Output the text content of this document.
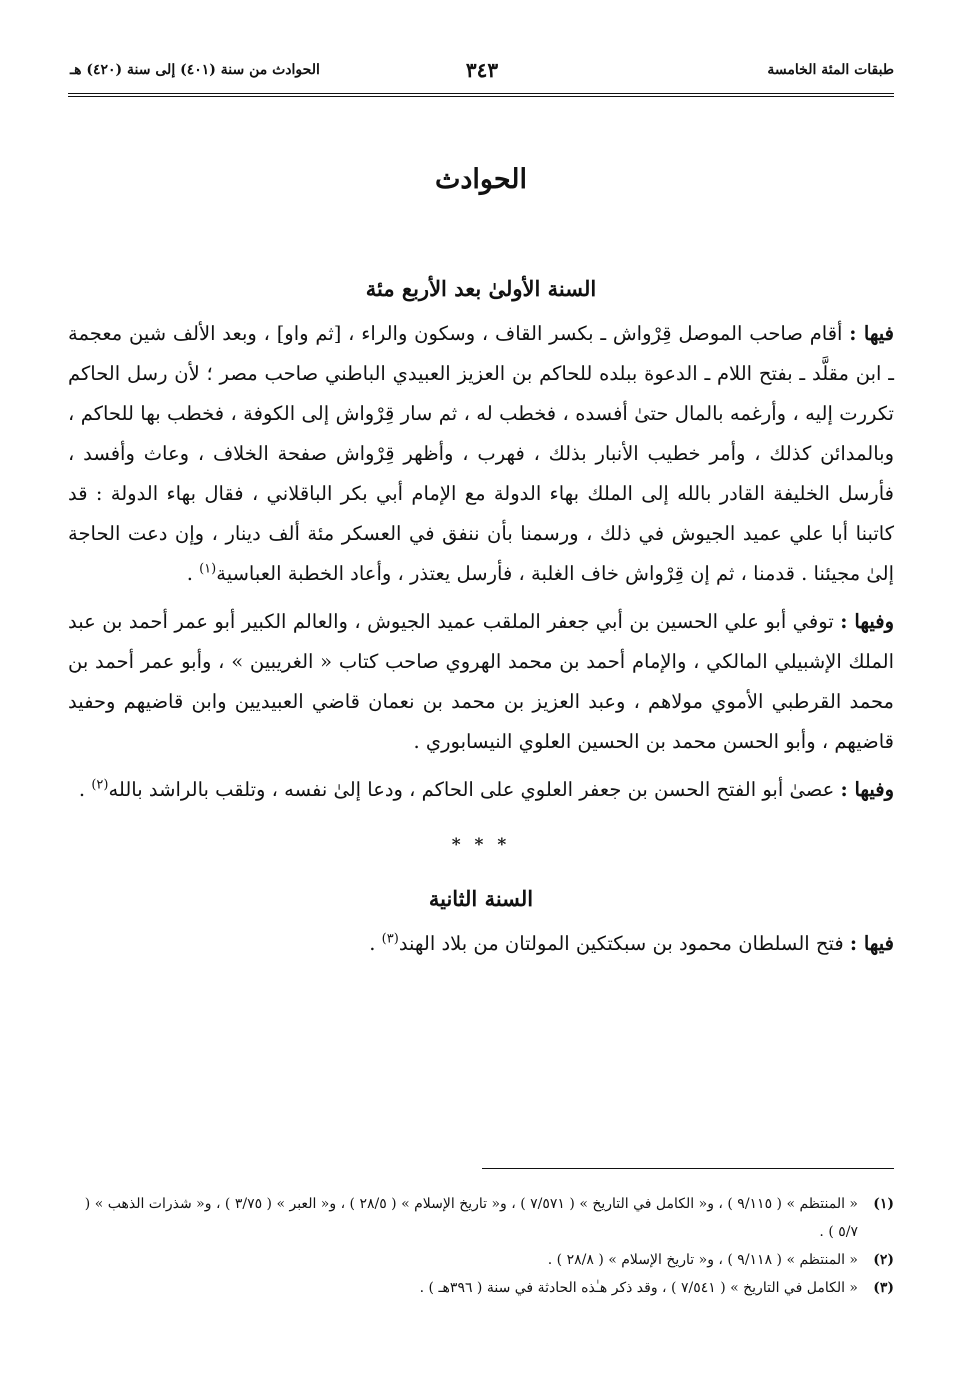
طبقات المئة الخامسة
٣٤٣
الحوادث من سنة (٤٠١) إلى سنة (٤٢٠) هـ
الحوادث
السنة الأولىٰ بعد الأربع مئة

فيها : أقام صاحب الموصل قِرْواش ـ بكسر القاف ، وسكون والراء ، [ثم واو] ، وبعد الألف شين معجمة ـ ابن مقلَّد ـ بفتح اللام ـ الدعوة ببلده للحاكم بن العزيز العبيدي الباطني صاحب مصر ؛ لأن رسل الحاكم تكررت إليه ، وأرغمه بالمال حتىٰ أفسده ، فخطب له ، ثم سار قِرْواش إلى الكوفة ، فخطب بها للحاكم ، وبالمدائن كذلك ، وأمر خطيب الأنبار بذلك ، فهرب ، وأظهر قِرْواش صفحة الخلاف ، وعاث وأفسد ، فأرسل الخليفة القادر بالله إلى الملك بهاء الدولة مع الإمام أبي بكر الباقلاني ، فقال بهاء الدولة : قد كاتبنا أبا علي عميد الجيوش في ذلك ، ورسمنا بأن ننفق في العسكر مئة ألف دينار ، وإن دعت الحاجة إلىٰ مجيئنا . قدمنا ، ثم إن قِرْواش خاف الغلبة ، فأرسل يعتذر ، وأعاد الخطبة العباسية$^{(١)}$ .

وفيها : توفي أبو علي الحسين بن أبي جعفر الملقب عميد الجيوش ، والعالم الكبير أبو عمر أحمد بن عبد الملك الإشبيلي المالكي ، والإمام أحمد بن محمد الهروي صاحب كتاب « الغريبين » ، وأبو عمر أحمد بن محمد القرطبي الأموي مولاهم ، وعبد العزيز بن محمد بن نعمان قاضي العبيديين وابن قاضيهم وحفيد قاضيهم ، وأبو الحسن محمد بن الحسين العلوي النيسابوري .

وفيها : عصىٰ أبو الفتح الحسن بن جعفر العلوي على الحاكم ، ودعا إلىٰ نفسه ، وتلقب بالراشد بالله$^{(٢)}$ .

* * *
السنة الثانية

فيها : فتح السلطان محمود بن سبكتكين المولتان من بلاد الهند$^{(٣)}$ .

(١)
« المنتظم » ( ٩/١١٥ ) ، و« الكامل في التاريخ » ( ٧/٥٧١ ) ، و« تاريخ الإسلام » ( ٢٨/٥ ) ، و« العبر » ( ٣/٧٥ ) ، و« شذرات الذهب » ( ٥/٧ ) .
(٢)
« المنتظم » ( ٩/١١٨ ) ، و« تاريخ الإسلام » ( ٢٨/٨ ) .
(٣)
« الكامل في التاريخ » ( ٧/٥٤١ ) ، وقد ذكر هـٰذه الحادثة في سنة ( ٣٩٦هـ ) .
